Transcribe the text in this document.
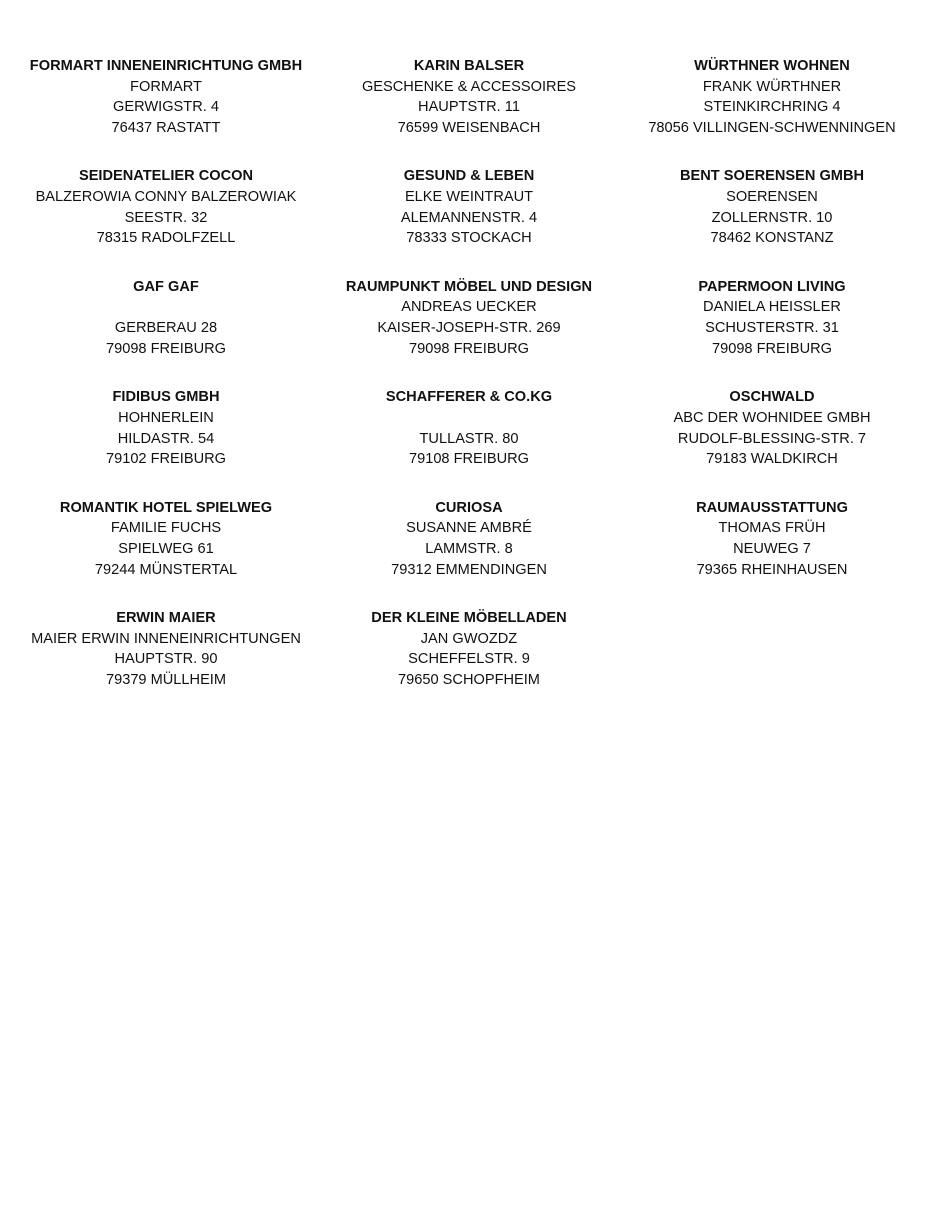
FORMART INNENEINRICHTUNG GMBH
FORMART
GERWIGSTR. 4
76437 RASTATT
KARIN BALSER
GESCHENKE & ACCESSOIRES
HAUPTSTR. 11
76599 WEISENBACH
WÜRTHNER WOHNEN
FRANK WÜRTHNER
STEINKIRCHRING 4
78056 VILLINGEN-SCHWENNINGEN
SEIDENATELIER COCON
BALZEROWIA CONNY BALZEROWIAK
SEESTR. 32
78315 RADOLFZELL
GESUND & LEBEN
ELKE WEINTRAUT
ALEMANNENSTR. 4
78333 STOCKACH
BENT SOERENSEN GMBH
SOERENSEN
ZOLLERNSTR. 10
78462 KONSTANZ
GAF GAF
GERBERAU 28
79098 FREIBURG
RAUMPUNKT MÖBEL UND DESIGN
ANDREAS UECKER
KAISER-JOSEPH-STR. 269
79098 FREIBURG
PAPERMOON LIVING
DANIELA HEISSLER
SCHUSTERSTR. 31
79098 FREIBURG
FIDIBUS GMBH
HOHNERLEIN
HILDASTR. 54
79102 FREIBURG
SCHAFFERER & CO.KG
TULLASTR. 80
79108 FREIBURG
OSCHWALD
ABC DER WOHNIDEE GMBH
RUDOLF-BLESSING-STR. 7
79183 WALDKIRCH
ROMANTIK HOTEL SPIELWEG
FAMILIE FUCHS
SPIELWEG 61
79244 MÜNSTERTAL
CURIOSA
SUSANNE AMBRÉ
LAMMSTR. 8
79312 EMMENDINGEN
RAUMAUSSTATTUNG
THOMAS FRÜH
NEUWEG 7
79365 RHEINHAUSEN
ERWIN MAIER
MAIER ERWIN INNENEINRICHTUNGEN
HAUPTSTR. 90
79379 MÜLLHEIM
DER KLEINE MÖBELLADEN
JAN GWOZDZ
SCHEFFELSTR. 9
79650 SCHOPFHEIM
